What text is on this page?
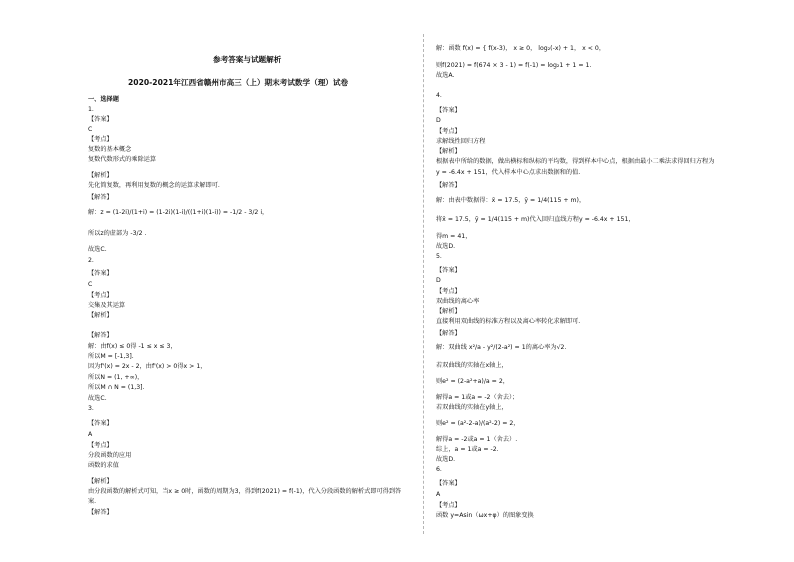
参考答案与试题解析
2020-2021年江西省赣州市高三（上）期末考试数学（理）试卷
一、选择题
1.
【答案】
C
【考点】
复数的基本概念
复数代数形式的乘除运算
【解析】
先化简复数，再利用复数的概念的运算求解即可.
【解答】
解：z = (1-2i)/(1+i) = (1-2i)(1-i)/((1+i)(1-i)) = -1/2 - 3/2 i，
所以z的虚部为 -3/2 .
故选C.
2.
【答案】
C
【考点】
交集及其运算
【解析】
【解答】
解：由f(x) ≤ 0得 -1 ≤ x ≤ 3，
所以M = [-1,3].
因为f'(x) = 2x - 2，由f'(x) > 0得x > 1，
所以N = (1, +∞)，
所以M ∩ N = (1,3].
故选C.
3.
【答案】
A
【考点】
分段函数的应用
函数的求值
【解析】
由分段函数的解析式可知，当x ≥ 0时，函数的周期为3，得到f(2021) = f(-1)，代入分段函数的解析式即可得到答
案.
【解答】
解：函数 f(x) = { f(x-3)， x ≥ 0， log₂(-x) + 1， x < 0，
则f(2021) = f(674 × 3 - 1) = f(-1) = log₂1 + 1 = 1.
故选A.
4.
【答案】
D
【考点】
求解线性回归方程
【解析】
根据表中所给的数据，做出横标和纵标的平均数，得到样本中心点，根据由最小二乘法求得回归方程为
y = -6.4x + 151，代入样本中心点求出数据和的值.
【解答】
解：由表中数据得：x̄ = 17.5，ȳ = 1/4(115 + m)，
将x̄ = 17.5，ȳ = 1/4(115 + m)代入回归直线方程y = -6.4x + 151，
得m = 41，
故选D.
5.
【答案】
D
【考点】
双曲线的离心率
【解析】
直接利用双曲线的标准方程以及离心率转化求解即可.
【解答】
解：双曲线 x²/a - y²/(2-a²) = 1的离心率为√2.
若双曲线的实轴在x轴上，
则e² = (2-a²+a)/a = 2，
解得a = 1或a = -2（舍去）；
若双曲线的实轴在y轴上，
则e² = (a²-2-a)/(a²-2) = 2，
解得a = -2或a = 1（舍去）.
综上，a = 1或a = -2.
故选D.
6.
【答案】
A
【考点】
函数 y=Asin（ωx+φ）的图象变换
